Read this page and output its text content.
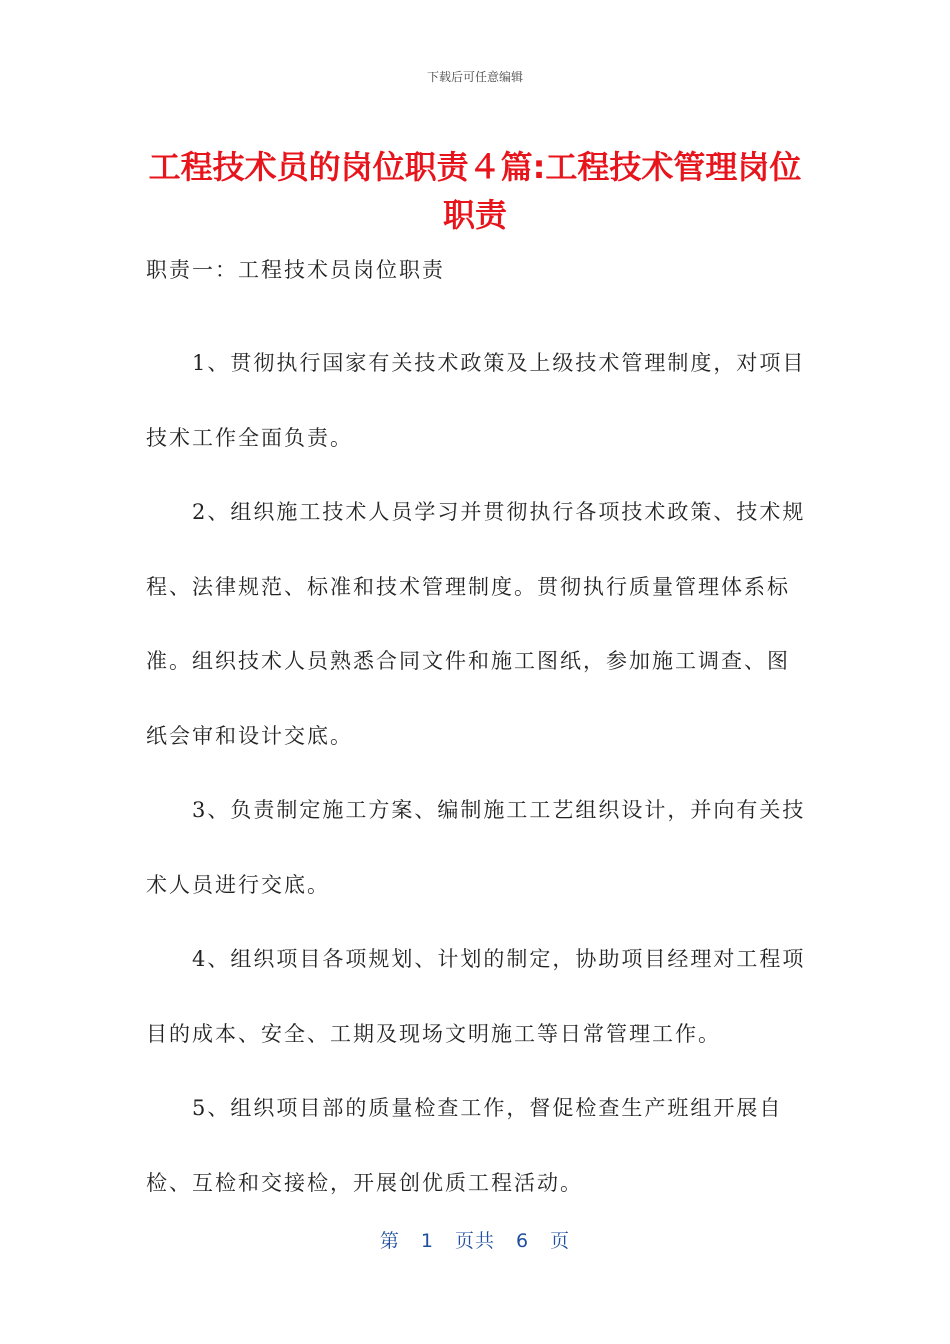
下载后可任意编辑
工程技术员的岗位职责４篇:工程技术管理岗位职责

职责一：工程技术员岗位职责

1、贯彻执行国家有关技术政策及上级技术管理制度，对项目技术工作全面负责。

2、组织施工技术人员学习并贯彻执行各项技术政策、技术规程、法律规范、标准和技术管理制度。贯彻执行质量管理体系标准。组织技术人员熟悉合同文件和施工图纸，参加施工调查、图纸会审和设计交底。

3、负责制定施工方案、编制施工工艺组织设计，并向有关技术人员进行交底。

4、组织项目各项规划、计划的制定，协助项目经理对工程项目的成本、安全、工期及现场文明施工等日常管理工作。

5、组织项目部的质量检查工作，督促检查生产班组开展自检、互检和交接检，开展创优质工程活动。

第 1 页共 6 页
